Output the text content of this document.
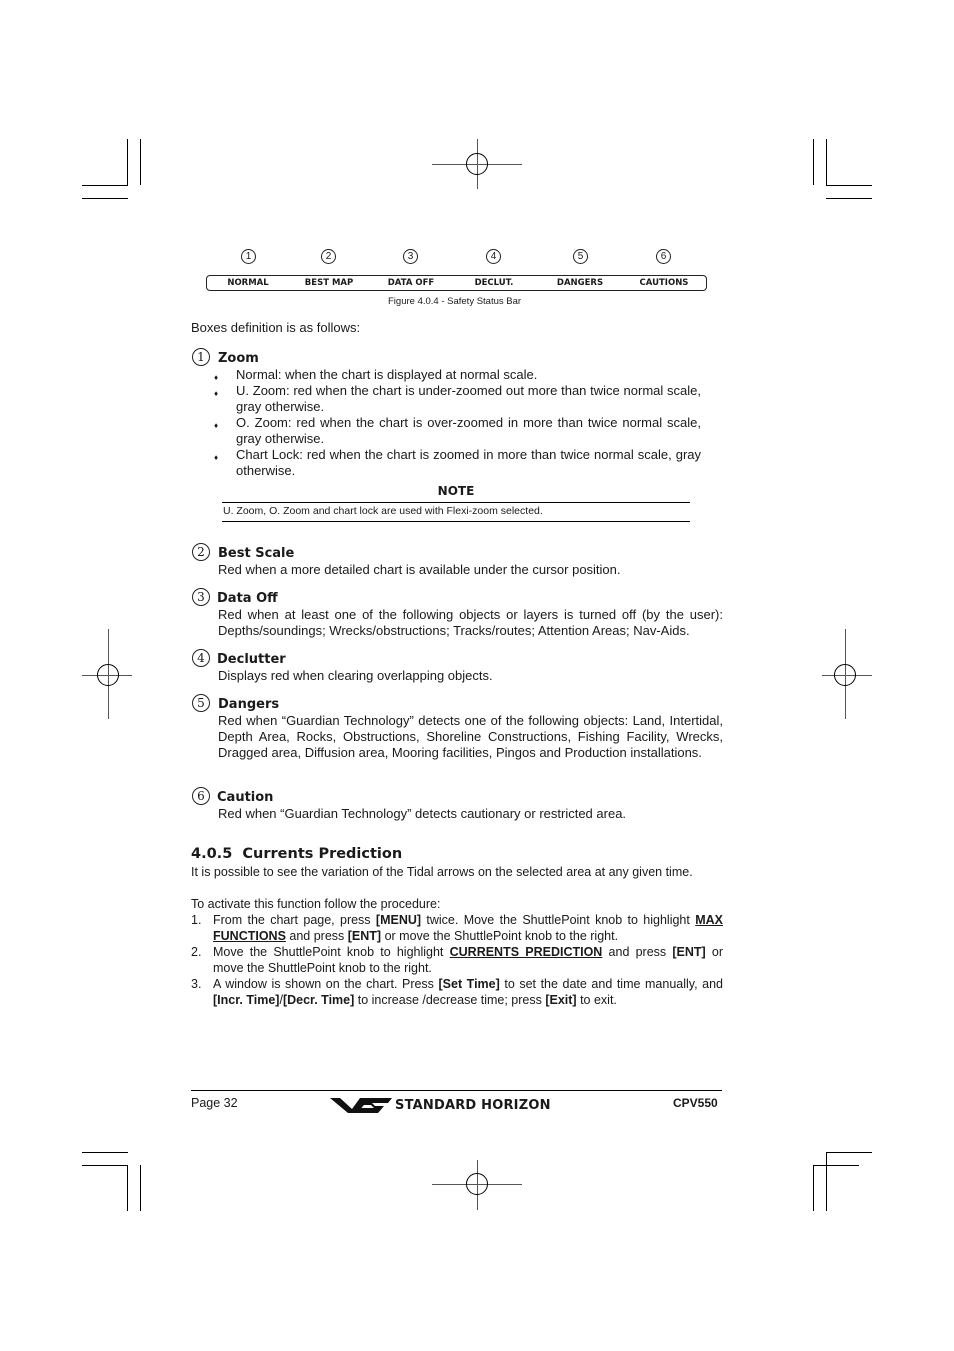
1	2	3	4	5	6
NORMAL	BEST MAP	DATA OFF	DECLUT.	DANGERS	CAUTIONS
Figure 4.0.4 - Safety Status Bar
Boxes definition is as follows:
1	Zoom
♦ Normal: when the chart is displayed at normal scale.
♦ U. Zoom: red when the chart is under-zoomed out more than twice normal scale, gray otherwise.
♦ O. Zoom: red when the chart is over-zoomed in more than twice normal scale, gray otherwise.
♦ Chart Lock: red when the chart is zoomed in more than twice normal scale, gray otherwise.
NOTE
U. Zoom, O. Zoom and chart lock are used with Flexi-zoom selected.
2	Best Scale
Red when a more detailed chart is available under the cursor position.
3 Data Off
Red when at least one of the following objects or layers is turned off (by the user): Depths/soundings; Wrecks/obstructions; Tracks/routes; Attention Areas; Nav-Aids.
4 Declutter
Displays red when clearing overlapping objects.
5	Dangers
Red when “Guardian Technology” detects one of the following objects: Land, Intertidal, Depth Area, Rocks, Obstructions, Shoreline Constructions, Fishing Facility, Wrecks, Dragged area, Diffusion area, Mooring facilities, Pingos and Production installations.
6 Caution
Red when “Guardian Technology” detects cautionary or restricted area.
4.0.5 Currents Prediction
It is possible to see the variation of the Tidal arrows on the selected area at any given time.
To activate this function follow the procedure:
1. From the chart page, press [MENU] twice. Move the ShuttlePoint knob to highlight MAX FUNCTIONS and press [ENT] or move the ShuttlePoint knob to the right.
2. Move the ShuttlePoint knob to highlight CURRENTS PREDICTION and press [ENT] or move the ShuttlePoint knob to the right.
3. A window is shown on the chart. Press [Set Time] to set the date and time manually, and [Incr. Time]/[Decr. Time] to increase /decrease time; press [Exit] to exit.
Page 32	STANDARD HORIZON	CPV550
